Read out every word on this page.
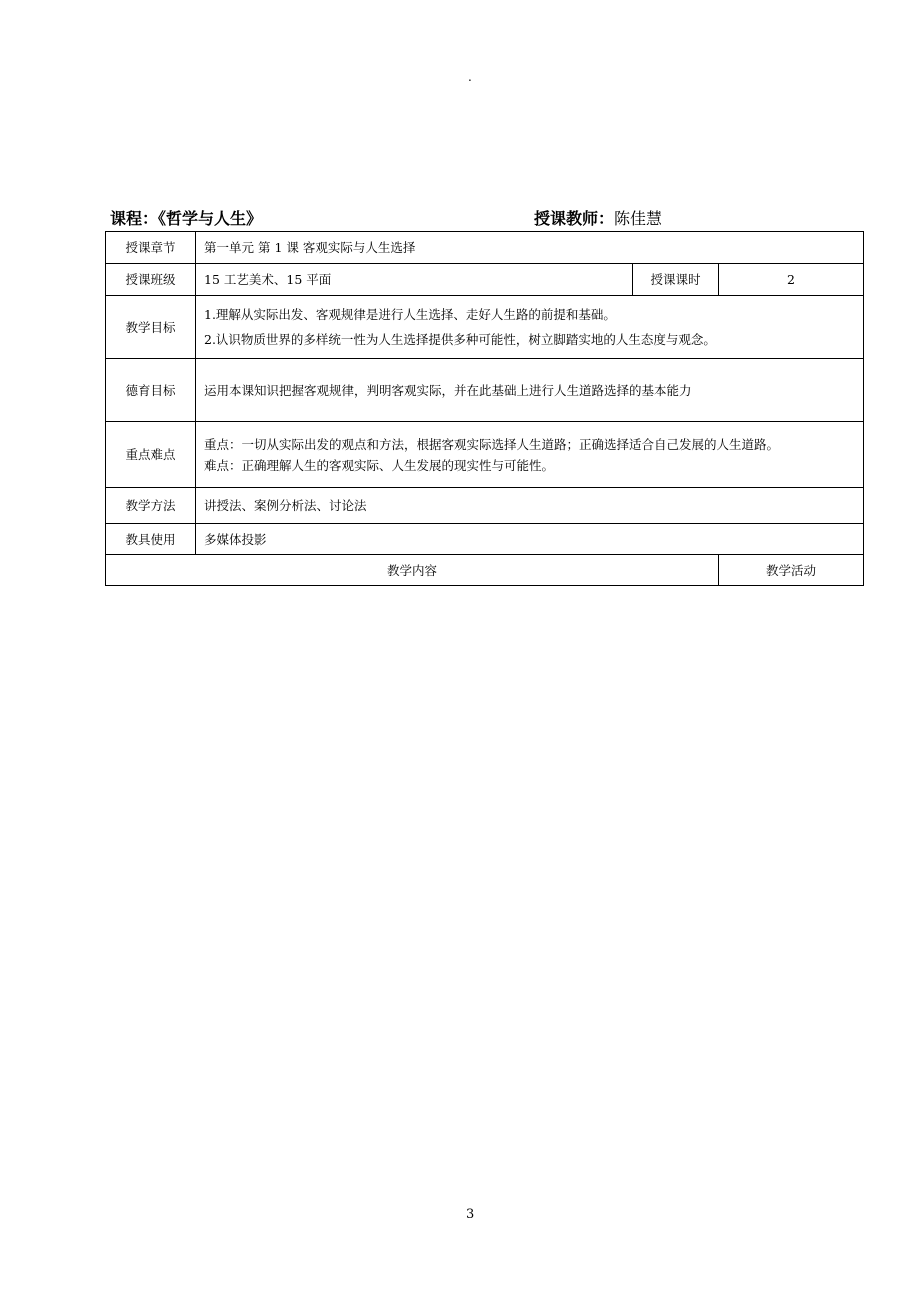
.
课程：《哲学与人生》	授课教师：陈佳慧
授课章节	第一单元 第 1 课 客观实际与人生选择		
授课班级	15 工艺美术、15 平面	授课课时	2
教学目标	1.理解从实际出发、客观规律是进行人生选择、走好人生路的前提和基础。
2.认识物质世界的多样统一性为人生选择提供多种可能性，树立脚踏实地的人生态度与观念。		

德育目标	运用本课知识把握客观规律，判明客观实际，并在此基础上进行人生道路选择的基本能力		
重点难点	重点：一切从实际出发的观点和方法，根据客观实际选择人生道路；正确选择适合自己发展的人生道路。
难点：正确理解人生的客观实际、人生发展的现实性与可能性。		

教学方法	讲授法、案例分析法、讨论法		
教具使用	多媒体投影		
教学内容			教学活动
3
